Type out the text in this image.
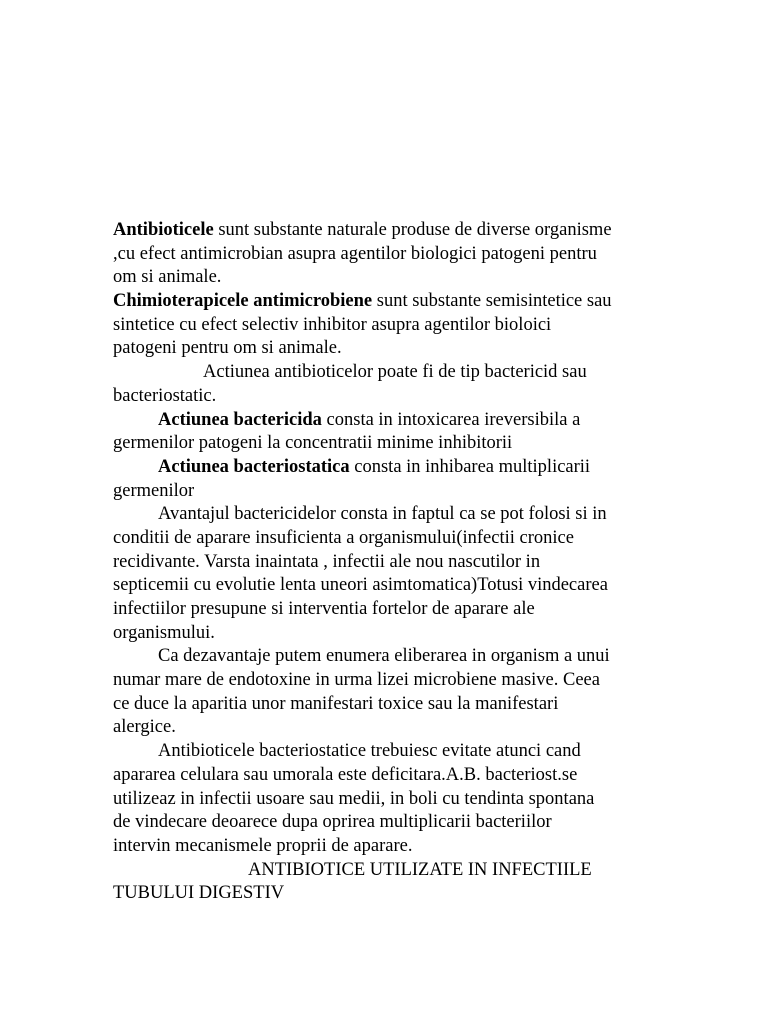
Antibioticele sunt substante naturale produse de diverse organisme
,cu efect antimicrobian asupra agentilor biologici patogeni pentru
om si animale.
Chimioterapicele antimicrobiene sunt substante semisintetice sau
sintetice cu efect selectiv inhibitor asupra agentilor bioloici
patogeni pentru om si animale.
Actiunea antibioticelor poate fi de tip bactericid sau
bacteriostatic.
Actiunea bactericida consta in intoxicarea ireversibila a
germenilor patogeni la concentratii minime inhibitorii
Actiunea bacteriostatica consta in inhibarea multiplicarii
germenilor
Avantajul bactericidelor consta in faptul ca se pot folosi si in
conditii de aparare insuficienta a organismului(infectii cronice
recidivante. Varsta inaintata , infectii ale nou nascutilor in
septicemii cu evolutie lenta uneori asimtomatica)Totusi vindecarea
infectiilor presupune si interventia fortelor de aparare ale
organismului.
Ca dezavantaje putem enumera eliberarea in organism a unui
numar mare de endotoxine in urma lizei microbiene masive. Ceea
ce duce la aparitia unor manifestari toxice sau la manifestari
alergice.
Antibioticele bacteriostatice trebuiesc evitate atunci cand
apararea celulara sau umorala este deficitara.A.B. bacteriost.se
utilizeaz in infectii usoare sau medii, in boli cu tendinta spontana
de vindecare deoarece dupa oprirea multiplicarii bacteriilor
intervin mecanismele proprii de aparare.
ANTIBIOTICE UTILIZATE IN INFECTIILE
TUBULUI DIGESTIV
